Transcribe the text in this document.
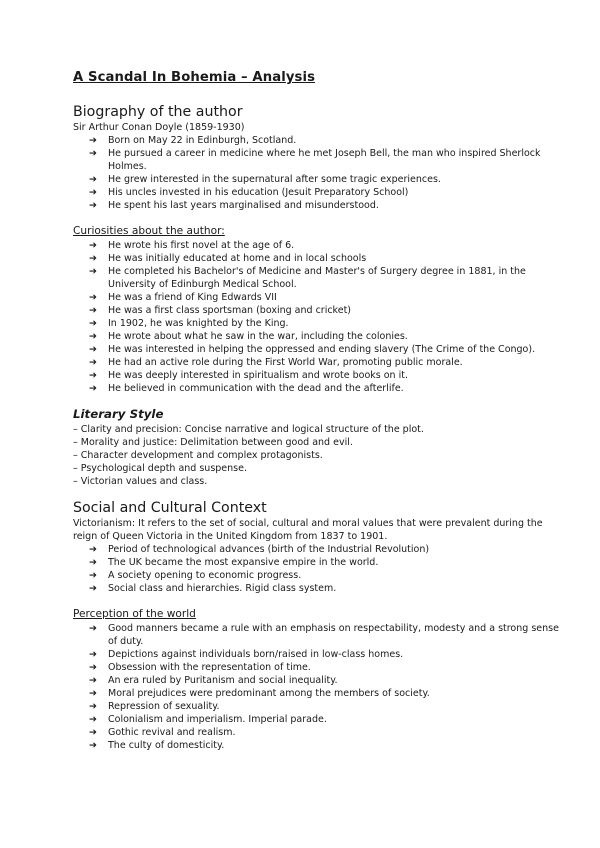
A Scandal In Bohemia – Analysis
Biography of the author
Sir Arthur Conan Doyle (1859-1930)
➔ Born on May 22 in Edinburgh, Scotland.
➔ He pursued a career in medicine where he met Joseph Bell, the man who inspired Sherlock Holmes.
➔ He grew interested in the supernatural after some tragic experiences.
➔ His uncles invested in his education (Jesuit Preparatory School)
➔ He spent his last years marginalised and misunderstood.
Curiosities about the author:
➔ He wrote his first novel at the age of 6.
➔ He was initially educated at home and in local schools
➔ He completed his Bachelor's of Medicine and Master's of Surgery degree in 1881, in the University of Edinburgh Medical School.
➔ He was a friend of King Edwards VII
➔ He was a first class sportsman (boxing and cricket)
➔ In 1902, he was knighted by the King.
➔ He wrote about what he saw in the war, including the colonies.
➔ He was interested in helping the oppressed and ending slavery (The Crime of the Congo).
➔ He had an active role during the First World War, promoting public morale.
➔ He was deeply interested in spiritualism and wrote books on it.
➔ He believed in communication with the dead and the afterlife.
Literary Style
– Clarity and precision: Concise narrative and logical structure of the plot.
– Morality and justice: Delimitation between good and evil.
– Character development and complex protagonists.
– Psychological depth and suspense.
– Victorian values and class.
Social and Cultural Context
Victorianism: It refers to the set of social, cultural and moral values that were prevalent during the reign of Queen Victoria in the United Kingdom from 1837 to 1901.
➔ Period of technological advances (birth of the Industrial Revolution)
➔ The UK became the most expansive empire in the world.
➔ A society opening to economic progress.
➔ Social class and hierarchies. Rigid class system.
Perception of the world
➔ Good manners became a rule with an emphasis on respectability, modesty and a strong sense of duty.
➔ Depictions against individuals born/raised in low-class homes.
➔ Obsession with the representation of time.
➔ An era ruled by Puritanism and social inequality.
➔ Moral prejudices were predominant among the members of society.
➔ Repression of sexuality.
➔ Colonialism and imperialism. Imperial parade.
➔ Gothic revival and realism.
➔ The culty of domesticity.
